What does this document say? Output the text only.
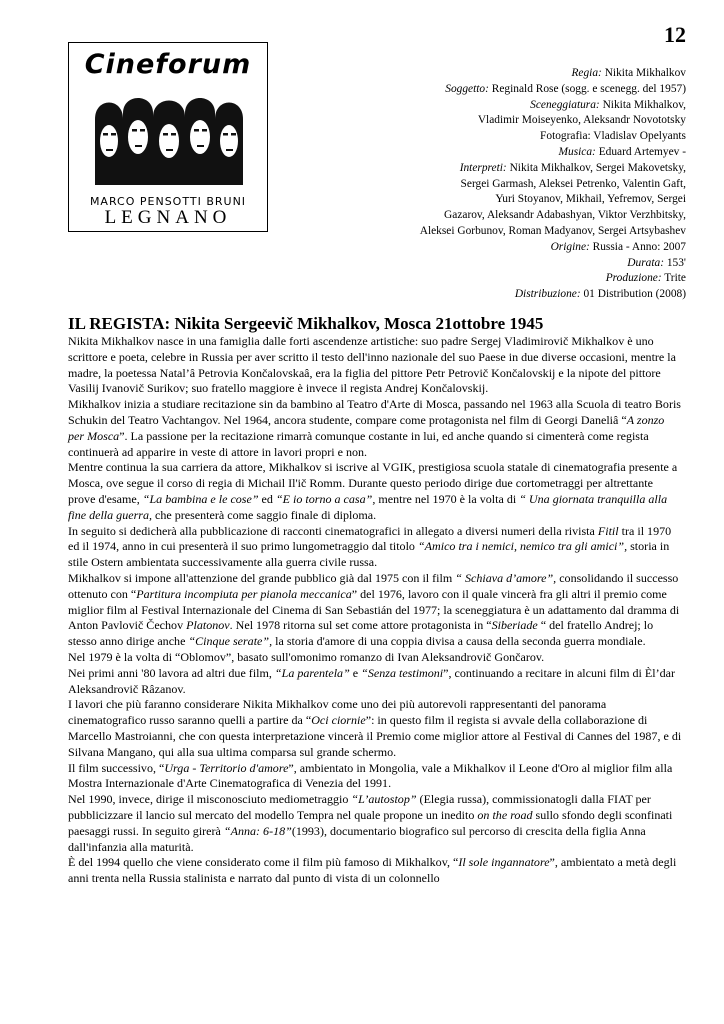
12
Cineforum
MARCO PENSOTTI BRUNI
LEGNANO
Regia: Nikita Mikhalkov
Soggetto: Reginald Rose (sogg. e scenegg. del 1957)
Sceneggiatura: Nikita Mikhalkov,
Vladimir Moiseyenko, Aleksandr Novototsky
Fotografia: Vladislav Opelyants
Musica: Eduard Artemyev -
Interpreti: Nikita Mikhalkov, Sergei Makovetsky,
Sergei Garmash, Aleksei Petrenko, Valentin Gaft,
Yuri Stoyanov, Mikhail, Yefremov, Sergei
Gazarov, Aleksandr Adabashyan, Viktor Verzhbitsky,
Aleksei Gorbunov, Roman Madyanov, Sergei Artsybashev
Origine: Russia - Anno: 2007
Durata: 153'
Produzione: Trite
Distribuzione: 01 Distribution (2008)
IL REGISTA: Nikita Sergeevič Mikhalkov, Mosca 21ottobre 1945

Nikita Mikhalkov nasce in una famiglia dalle forti ascendenze artistiche: suo padre Sergej Vladimirovič Mikhalkov è uno scrittore e poeta, celebre in Russia per aver scritto il testo dell'inno nazionale del suo Paese in due diverse occasioni, mentre la madre, la poetessa Natal’â Petrovia Končalovskaâ, era la figlia del pittore Petr Petrovič Končalovskij e la nipote del pittore Vasilij Ivanovič Surikov; suo fratello maggiore è invece il regista Andrej Končalovskij.

Mikhalkov inizia a studiare recitazione sin da bambino al Teatro d'Arte di Mosca, passando nel 1963 alla Scuola di teatro Boris Schukin del Teatro Vachtangov. Nel 1964, ancora studente, compare come protagonista nel film di Georgi Daneliâ “A zonzo per Mosca”. La passione per la recitazione rimarrà comunque costante in lui, ed anche quando si cimenterà come regista continuerà ad apparire in veste di attore in lavori propri e non.

Mentre continua la sua carriera da attore, Mikhalkov si iscrive al VGIK, prestigiosa scuola statale di cinematografia presente a Mosca, ove segue il corso di regia di Michail Il'ič Romm. Durante questo periodo dirige due cortometraggi per altrettante prove d'esame, “La bambina e le cose” ed “E io torno a casa”, mentre nel 1970 è la volta di “ Una giornata tranquilla alla fine della guerra, che presenterà come saggio finale di diploma.

In seguito si dedicherà alla pubblicazione di racconti cinematografici in allegato a diversi numeri della rivista Fitil tra il 1970 ed il 1974, anno in cui presenterà il suo primo lungometraggio dal titolo “Amico tra i nemici, nemico tra gli amici”, storia in stile Ostern ambientata successivamente alla guerra civile russa.

Mikhalkov si impone all'attenzione del grande pubblico già dal 1975 con il film “ Schiava d’amore”, consolidando il successo ottenuto con “Partitura incompiuta per pianola meccanica” del 1976, lavoro con il quale vincerà fra gli altri il premio come miglior film al Festival Internazionale del Cinema di San Sebastián del 1977; la sceneggiatura è un adattamento dal dramma di Anton Pavlovič Čechov Platonov. Nel 1978 ritorna sul set come attore protagonista in “Siberiade “ del fratello Andrej; lo stesso anno dirige anche “Cinque serate”, la storia d'amore di una coppia divisa a causa della seconda guerra mondiale.

Nel 1979 è la volta di “Oblomov”, basato sull'omonimo romanzo di Ivan Aleksandrovič Gončarov.

Nei primi anni '80 lavora ad altri due film, “La parentela” e “Senza testimoni”, continuando a recitare in alcuni film di Èl’dar Aleksandrovič Râzanov.

I lavori che più faranno considerare Nikita Mikhalkov come uno dei più autorevoli rappresentanti del panorama cinematografico russo saranno quelli a partire da “Oci ciornie”: in questo film il regista si avvale della collaborazione di Marcello Mastroianni, che con questa interpretazione vincerà il Premio come miglior attore al Festival di Cannes del 1987, e di Silvana Mangano, qui alla sua ultima comparsa sul grande schermo.

Il film successivo, “Urga - Territorio d'amore”, ambientato in Mongolia, vale a Mikhalkov il Leone d'Oro al miglior film alla Mostra Internazionale d'Arte Cinematografica di Venezia del 1991.

Nel 1990, invece, dirige il misconosciuto mediometraggio “L’autostop” (Elegia russa), commissionatogli dalla FIAT per pubblicizzare il lancio sul mercato del modello Tempra nel quale propone un inedito on the road sullo sfondo degli sconfinati paesaggi russi. In seguito girerà “Anna: 6-18”(1993), documentario biografico sul percorso di crescita della figlia Anna dall'infanzia alla maturità.

È del 1994 quello che viene considerato come il film più famoso di Mikhalkov, “Il sole ingannatore”, ambientato a metà degli anni trenta nella Russia stalinista e narrato dal punto di vista di un colonnello
